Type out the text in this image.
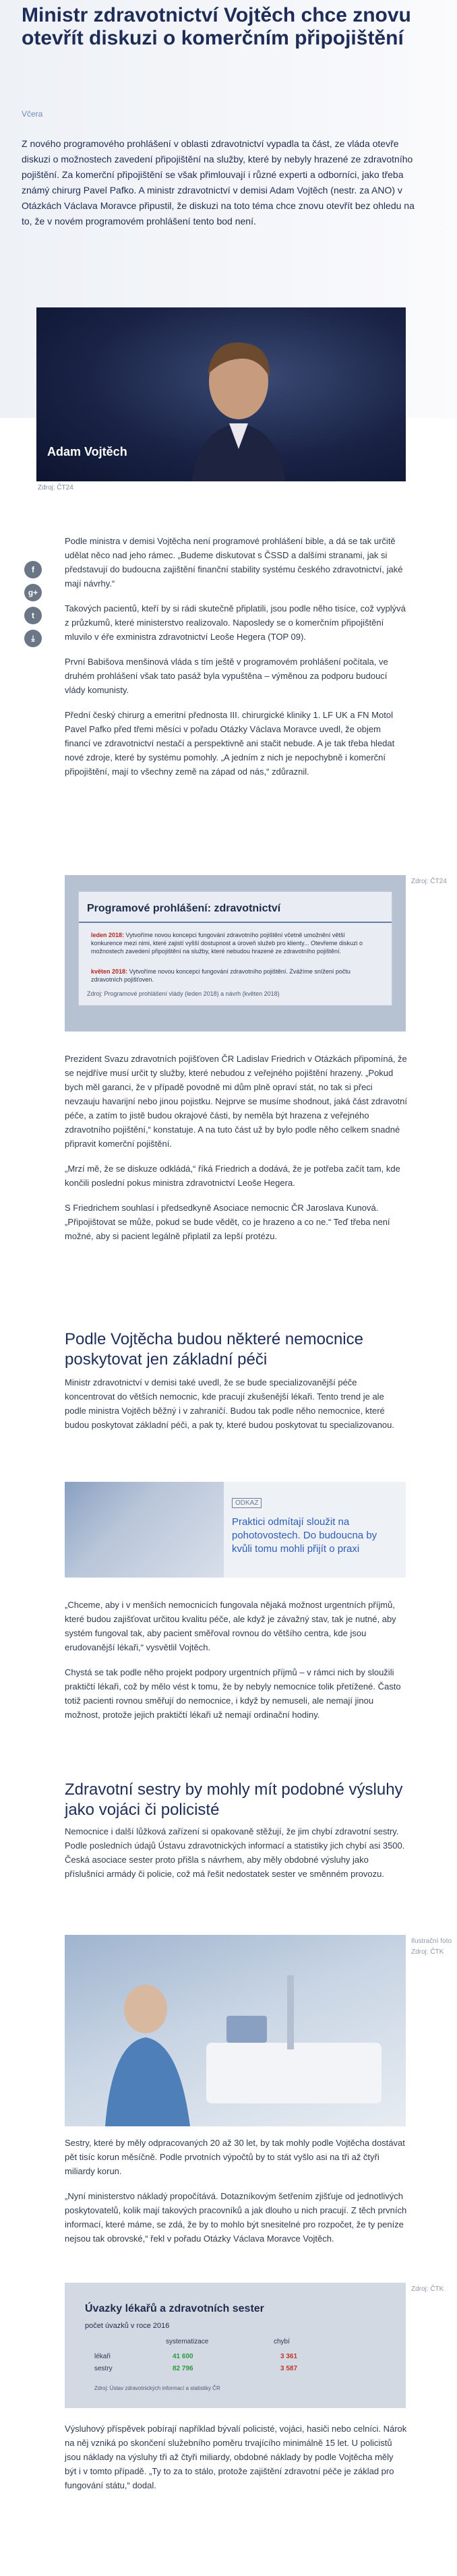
Ministr zdravotnictví Vojtěch chce znovu otevřít diskuzi o komerčním připojištění
Včera
Z nového programového prohlášení v oblasti zdravotnictví vypadla ta část, ze vláda otevře diskuzi o možnostech zavedení připojištění na služby, které by nebyly hrazené ze zdravotního pojištění. Za komerční připojištění se však přimlouvají i různé experti a odborníci, jako třeba známý chirurg Pavel Pafko. A ministr zdravotnictví v demisi Adam Vojtěch (nestr. za ANO) v Otázkách Václava Moravce připustil, že diskuzi na toto téma chce znovu otevřít bez ohledu na to, že v novém programovém prohlášení tento bod není.
Adam Vojtěch
Zdroj: ČT24
f
g+
t
⤓

Podle ministra v demisi Vojtěcha není programové prohlášení bible, a dá se tak určitě udělat něco nad jeho rámec. „Budeme diskutovat s ČSSD a dalšími stranami, jak si představují do budoucna zajištění finanční stability systému českého zdravotnictví, jaké mají návrhy.“

Takových pacientů, kteří by si rádi skutečně připlatili, jsou podle něho tisíce, což vyplývá z průzkumů, které ministerstvo realizovalo. Naposledy se o komerčním připojištění mluvilo v éře exministra zdravotnictví Leoše Hegera (TOP 09).

První Babišova menšinová vláda s tím ještě v programovém prohlášení počítala, ve druhém prohlášení však tato pasáž byla vypuštěna – výměnou za podporu budoucí vlády komunisty.

Přední český chirurg a emeritní přednosta III. chirurgické kliniky 1. LF UK a FN Motol Pavel Pafko před třemi měsíci v pořadu Otázky Václava Moravce uvedl, že objem financí ve zdravotnictví nestačí a perspektivně ani stačit nebude. A je tak třeba hledat nové zdroje, které by systému pomohly. „A jedním z nich je nepochybně i komerční připojištění, mají to všechny země na západ od nás,“ zdůraznil.

Programové prohlášení: zdravotnictví
leden 2018: Vytvoříme novou koncepci fungování zdravotního pojištění včetně umožnění větší konkurence mezi nimi, které zajistí vyšší dostupnost a úroveň služeb pro klienty... Otevřeme diskuzi o možnostech zavedení připojištění na služby, které nebudou hrazené ze zdravotního pojištění.
květen 2018: Vytvoříme novou koncepci fungování zdravotního pojištění. Zvážíme snížení počtu zdravotních pojišťoven.
Zdroj: Programové prohlášení vlády (leden 2018) a návrh (květen 2018)
Zdroj: ČT24

Prezident Svazu zdravotních pojišťoven ČR Ladislav Friedrich v Otázkách připomíná, že se nejdříve musí určit ty služby, které nebudou z veřejného pojištění hrazeny. „Pokud bych měl garanci, že v případě povodně mi dům plně opraví stát, no tak si přeci nevzauju havarijní nebo jinou pojistku. Nejprve se musíme shodnout, jaká část zdravotní péče, a zatím to jistě budou okrajové části, by neměla být hrazena z veřejného zdravotního pojištění,“ konstatuje. A na tuto část už by bylo podle něho celkem snadné připravit komerční pojištění.

„Mrzí mě, že se diskuze odkládá,“ říká Friedrich a dodává, že je potřeba začít tam, kde končili poslední pokus ministra zdravotnictví Leoše Hegera.

S Friedrichem souhlasí i předsedkyně Asociace nemocnic ČR Jaroslava Kunová. „Připojištovat se může, pokud se bude vědět, co je hrazeno a co ne.“ Teď třeba není možné, aby si pacient legálně připlatil za lepší protézu.

Podle Vojtěcha budou některé nemocnice poskytovat jen základní péči

Ministr zdravotnictví v demisi také uvedl, že se bude specializovanější péče koncentrovat do větších nemocnic, kde pracují zkušenější lékaři. Tento trend je ale podle ministra Vojtěch běžný i v zahraničí. Budou tak podle něho nemocnice, které budou poskytovat základní péči, a pak ty, které budou poskytovat tu specializovanou.

ODKAZ
Praktici odmítají sloužit na pohotovostech. Do budoucna by kvůli tomu mohli přijít o praxi

„Chceme, aby i v menších nemocnicích fungovala nějaká možnost urgentních příjmů, které budou zajišťovat určitou kvalitu péče, ale když je závažný stav, tak je nutné, aby systém fungoval tak, aby pacient směřoval rovnou do většího centra, kde jsou erudovanější lékaři,“ vysvětlil Vojtěch.

Chystá se tak podle něho projekt podpory urgentních příjmů – v rámci nich by sloužili praktičtí lékaři, což by mělo vést k tomu, že by nebyly nemocnice tolik přetížené. Často totiž pacienti rovnou směřují do nemocnice, i když by nemuseli, ale nemají jinou možnost, protože jejich praktičtí lékaři už nemají ordinační hodiny.

Zdravotní sestry by mohly mít podobné výsluhy jako vojáci či policisté

Nemocnice i další lůžková zařízení si opakovaně stěžují, že jim chybí zdravotní sestry. Podle posledních údajů Ústavu zdravotnických informací a statistiky jich chybí asi 3500. Česká asociace sester proto přišla s návrhem, aby měly obdobné výsluhy jako příslušníci armády či policie, což má řešit nedostatek sester ve směnném provozu.

Ilustrační foto
Zdroj: ČTK

Sestry, které by měly odpracovaných 20 až 30 let, by tak mohly podle Vojtěcha dostávat pět tisíc korun měsíčně. Podle prvotních výpočtů by to stát vyšlo asi na tři až čtyři miliardy korun.

„Nyní ministerstvo nákladý propočítává. Dotazníkovým šetřením zjišťuje od jednotlivých poskytovatelů, kolik mají takových pracovníků a jak dlouho u nich pracují. Z těch prvních informací, které máme, se zdá, že by to mohlo být snesitelné pro rozpočet, že ty peníze nejsou tak obrovské,“ řekl v pořadu Otázky Václava Moravce Vojtěch.

Úvazky lékařů a zdravotních sester
počet úvazků v roce 2016
systematizace	chybí
lékaři	41 600	3 361
sestry	82 796	3 587
Zdroj: Ústav zdravotnických informací a statistiky ČR
Zdroj: ČTK

Výsluhový příspěvek pobírají například bývalí policisté, vojáci, hasiči nebo celníci. Nárok na něj vzniká po skončení služebního poměru trvajícího minimálně 15 let. U policistů jsou náklady na výsluhy tři až čtyři miliardy, obdobné náklady by podle Vojtěcha měly být i v tomto případě. „Ty to za to stálo, protože zajištění zdravotní péče je základ pro fungování státu,“ dodal.
